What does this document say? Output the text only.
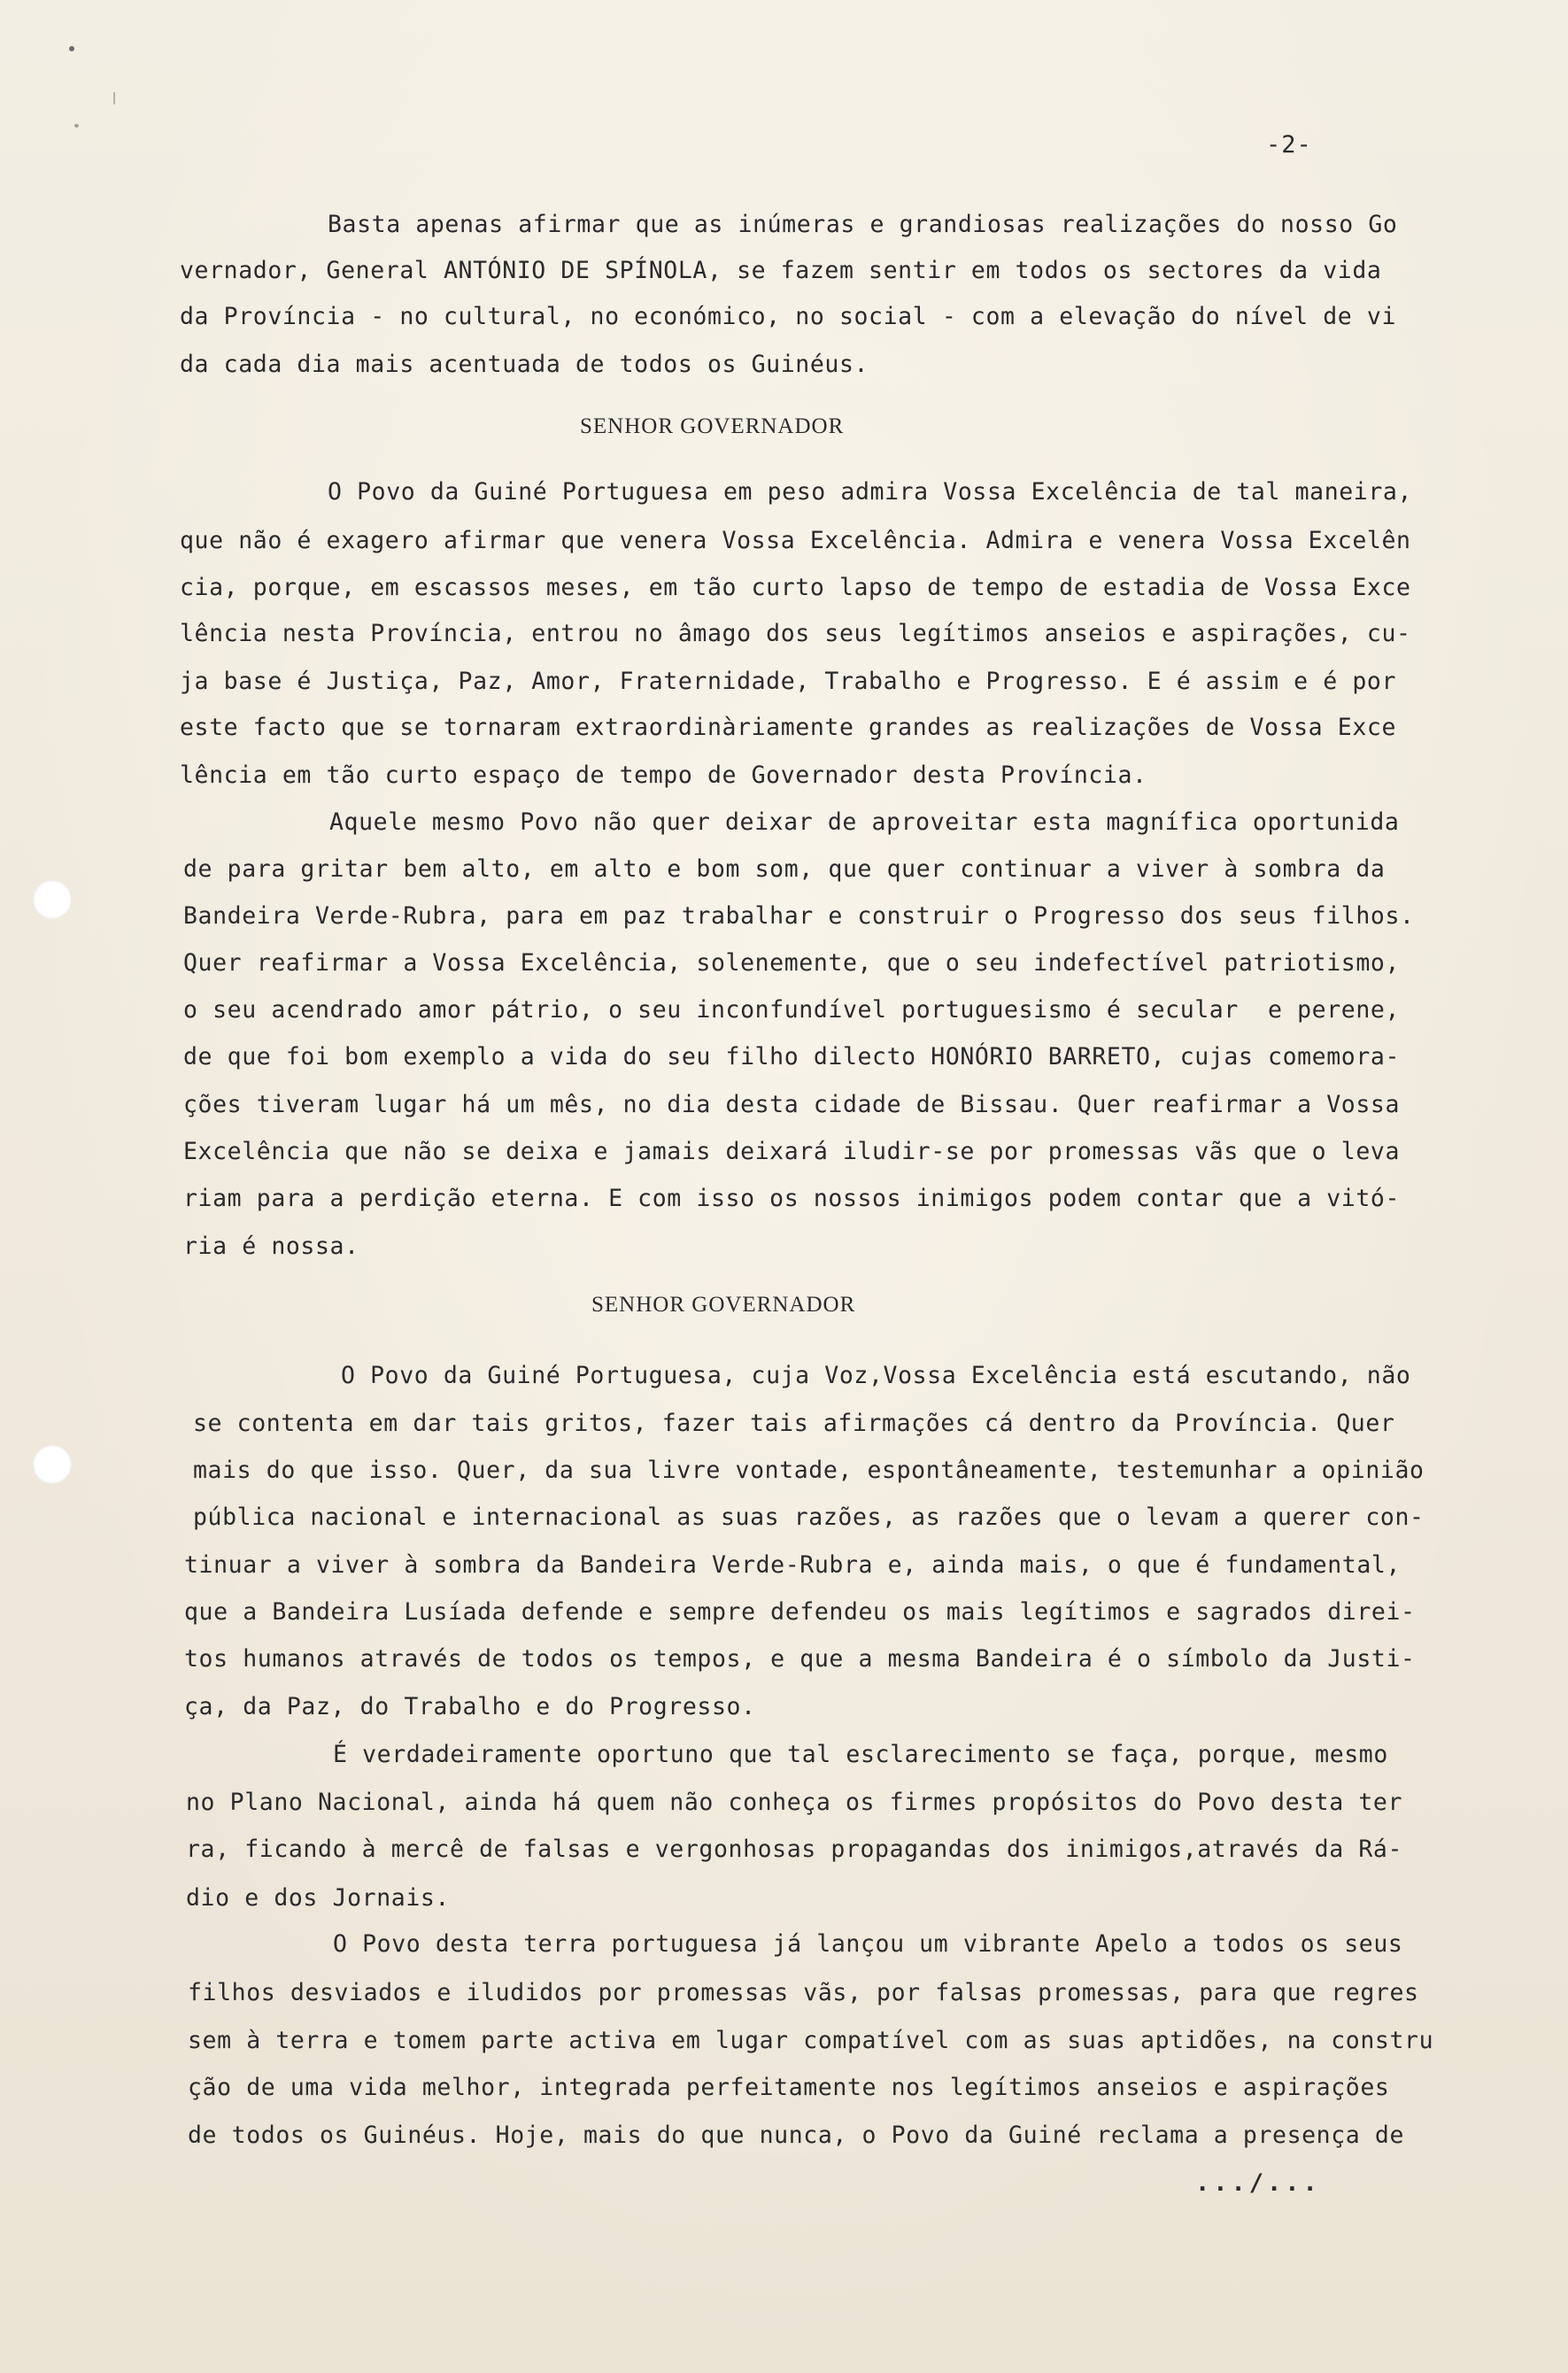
-2-
Basta apenas afirmar que as inúmeras e grandiosas realizações do nosso Go
vernador, General ANTÓNIO DE SPÍNOLA, se fazem sentir em todos os sectores da vida
da Província - no cultural, no económico, no social - com a elevação do nível de vi
da cada dia mais acentuada de todos os Guinéus.
SENHOR GOVERNADOR
O Povo da Guiné Portuguesa em peso admira Vossa Excelência de tal maneira,
que não é exagero afirmar que venera Vossa Excelência. Admira e venera Vossa Excelên
cia, porque, em escassos meses, em tão curto lapso de tempo de estadia de Vossa Exce
lência nesta Província, entrou no âmago dos seus legítimos anseios e aspirações, cu-
ja base é Justiça, Paz, Amor, Fraternidade, Trabalho e Progresso. E é assim e é por
este facto que se tornaram extraordinàriamente grandes as realizações de Vossa Exce
lência em tão curto espaço de tempo de Governador desta Província.
Aquele mesmo Povo não quer deixar de aproveitar esta magnífica oportunida
de para gritar bem alto, em alto e bom som, que quer continuar a viver à sombra da
Bandeira Verde-Rubra, para em paz trabalhar e construir o Progresso dos seus filhos.
Quer reafirmar a Vossa Excelência, solenemente, que o seu indefectível patriotismo,
o seu acendrado amor pátrio, o seu inconfundível portuguesismo é secular  e perene,
de que foi bom exemplo a vida do seu filho dilecto HONÓRIO BARRETO, cujas comemora-
ções tiveram lugar há um mês, no dia desta cidade de Bissau. Quer reafirmar a Vossa
Excelência que não se deixa e jamais deixará iludir-se por promessas vãs que o leva
riam para a perdição eterna. E com isso os nossos inimigos podem contar que a vitó-
ria é nossa.
SENHOR GOVERNADOR
O Povo da Guiné Portuguesa, cuja Voz,Vossa Excelência está escutando, não
se contenta em dar tais gritos, fazer tais afirmações cá dentro da Província. Quer
mais do que isso. Quer, da sua livre vontade, espontâneamente, testemunhar a opinião
pública nacional e internacional as suas razões, as razões que o levam a querer con-
tinuar a viver à sombra da Bandeira Verde-Rubra e, ainda mais, o que é fundamental,
que a Bandeira Lusíada defende e sempre defendeu os mais legítimos e sagrados direi-
tos humanos através de todos os tempos, e que a mesma Bandeira é o símbolo da Justi-
ça, da Paz, do Trabalho e do Progresso.
É verdadeiramente oportuno que tal esclarecimento se faça, porque, mesmo
no Plano Nacional, ainda há quem não conheça os firmes propósitos do Povo desta ter
ra, ficando à mercê de falsas e vergonhosas propagandas dos inimigos,através da Rá-
dio e dos Jornais.
O Povo desta terra portuguesa já lançou um vibrante Apelo a todos os seus
filhos desviados e iludidos por promessas vãs, por falsas promessas, para que regres
sem à terra e tomem parte activa em lugar compatível com as suas aptidões, na constru
ção de uma vida melhor, integrada perfeitamente nos legítimos anseios e aspirações
de todos os Guinéus. Hoje, mais do que nunca, o Povo da Guiné reclama a presença de
.../...
